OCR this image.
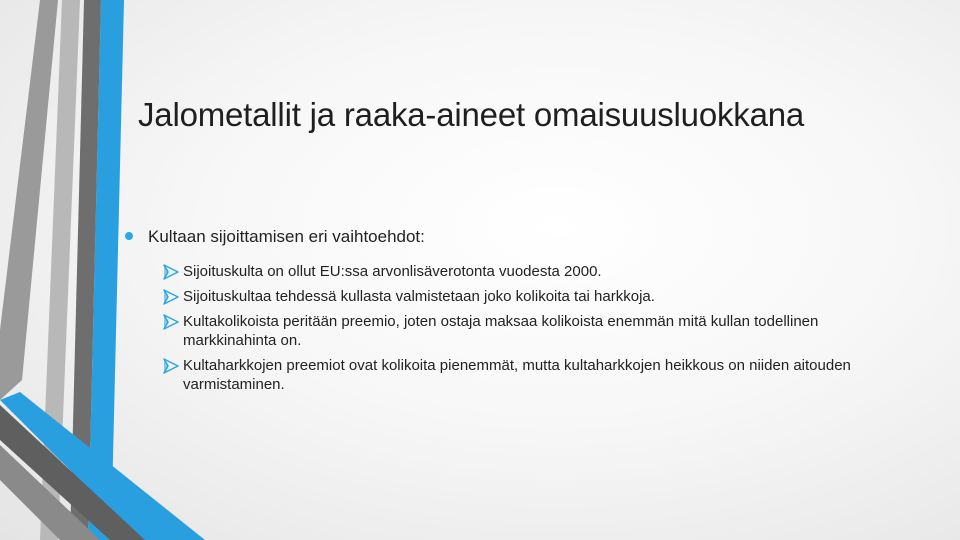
Jalometallit ja raaka-aineet omaisuusluokkana
Kultaan sijoittamisen eri vaihtoehdot:
Sijoituskulta on ollut EU:ssa arvonlisäverotonta vuodesta 2000.
Sijoituskultaa tehdessä kullasta valmistetaan joko kolikoita tai harkkoja.
Kultakolikoista peritään preemio, joten ostaja maksaa kolikoista enemmän mitä kullan todellinen markkinahinta on.
Kultaharkkojen preemiot ovat kolikoita pienemmät, mutta kultaharkkojen heikkous on niiden aitouden varmistaminen.
